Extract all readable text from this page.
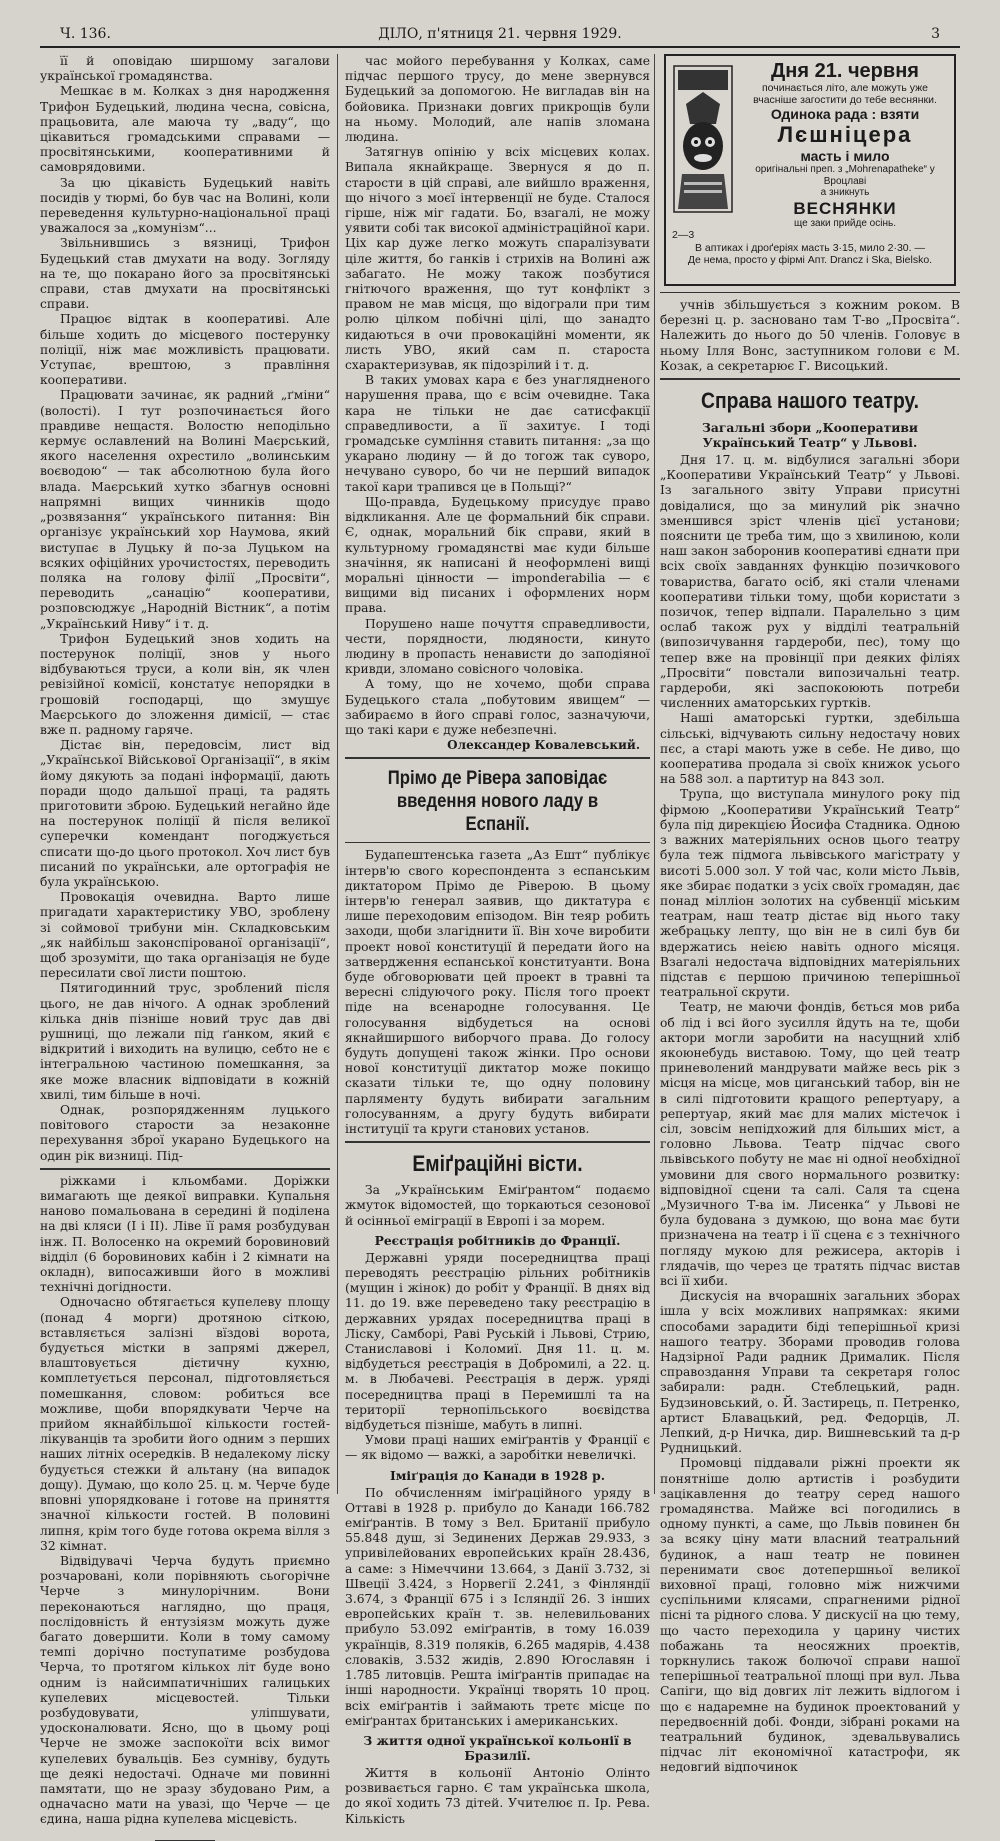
Ч. 136.	ДІЛО, п'ятниця 21. червня 1929.	3

її й оповідаю ширшому загалови української громадянства.

Мешкає в м. Колках з дня народження Трифон Будецький, людина чесна, совісна, працьовита, але маюча ту „ваду“, що цікавиться громадськими справами — просвітянськими, кооперативними й самоврядовими.

За цю цікавість Будецький навіть посидів у тюрмі, бо був час на Волині, коли переведення культурно-національної праці уважалося за „комунізм“...

Звільнившись з вязниці, Трифон Будецький став дмухати на воду. Зогляду на те, що покарано його за просвітянські справи, став дмухати на просвітянські справи.

Працює відтак в кооперативі. Але більше ходить до місцевого постерунку поліції, ніж має можливість працювати. Уступає, врештою, з правління кооперативи.

Працювати зачинає, як радний „ґміни“ (волості). І тут розпочинається його правдиве нещастя. Волостю неподільно кермує ославлений на Волині Маєрський, якого населення охрестило „волинським воєводою“ — так абсолютною була його влада. Маєрський хутко збагнув основні напрямні вищих чинників щодо „розвязання“ українського питання: Він організує український хор Наумова, який виступає в Луцьку й по-за Луцьком на всяких офіційних урочистостях, переводить поляка на голову філії „Просвіти“, переводить „санацію“ кооперативи, розповсюджує „Народній Вістник“, а потім „Український Ниву“ і т. д.

Трифон Будецький знов ходить на постерунок поліції, знов у нього відбуваються труси, а коли він, як член ревізійної комісії, констатує непорядки в грошовій господарці, що змушує Маєрського до зложення димісії, — стає вже п. радному гаряче.

Дістає він, передовсім, лист від „Української Військової Організації“, в якім йому дякують за подані інформації, дають поради щодо дальшої праці, та радять приготовити зброю. Будецький негайно йде на постерунок поліції й після великої суперечки комендант погоджується списати що-до цього протокол. Хоч лист був писаний по українськи, але ортографія не була українською.

Провокація очевидна. Варто лише пригадати характеристику УВО, зроблену зі соймової трибуни мін. Складковським „як найбільш законспірованої організації“, щоб зрозуміти, що така організація не буде пересилати свої листи поштою.

Пятигодинний трус, зроблений після цього, не дав нічого. А однак зроблений кілька днів пізніше новий трус дав дві рушниці, що лежали під ґанком, який є відкритий і виходить на вулицю, себто не є інтегральною частиною помешкання, за яке може власник відповідати в кожній хвилі, тим більше в ночі.

Однак, розпорядженням луцького повітового старости за незаконне перехування зброї укарано Будецького на один рік визниці. Під-

ріжками і кльомбами. Доріжки вимагають ще деякої виправки. Купальня наново помальована в середині й поділена на дві кляси (I і II). Ліве її рамя розбудуван інж. П. Волосенко на окремий боровиновий відділ (6 боровинових кабін і 2 кімнати на окладн), випосаживши його в можливі технічні догідности.

Одночасно обтягається купелеву площу (понад 4 морги) дротяною сіткою, вставляється залізні вїздові ворота, будується містки в запрямі джерел, влаштовується дієтичну кухню, комплетується персонал, підготовляється помешкання, словом: робиться все можливе, щоби впорядкувати Черче на прийом якнайбільшої кількости гостей-лікуванців та зробити його одним з перших наших літніх осередків. В недалекому ліску будується стежки й альтану (на випадок дощу). Думаю, що коло 25. ц. м. Черче буде вповні упорядковане і готове на приняття значної кількости гостей. В половині липня, крім того буде готова окрема вілля з 32 кімнат.

Відвідувачі Черча будуть приємно розчаровані, коли порівняють сьогорічне Черче з минулорічним. Вони переконаються наглядно, що праця, послідовність й ентузіязм можуть дуже багато довершити. Коли в тому самому темпі дорічно поступатиме розбудова Черча, то протягом кількох літ буде воно одним із найсимпатичніших галицьких купелевих місцевостей. Тільки розбудовувати, уліпшувати, удосконалювати. Ясно, що в цьому році Черче не зможе заспокоїти всіх вимог купелевих бувальців. Без сумніву, будуть ще деякі недостачі. Одначе ми повинні памятати, що не зразу збудовано Рим, а одначасно мати на увазі, що Черче — це єдина, наша рідна купелева місцевість.

час мойого перебування у Колках, саме підчас першого трусу, до мене звернувся Будецький за допомогою. Не вигладав він на бойовика. Признаки довгих прикрощів були на ньому. Молодий, але напів зломана людина.

Затягнув опінію у всіх місцевих колах. Випала якнайкраще. Звернуся я до п. старости в цій справі, але вийшло враження, що нічого з моєї інтервенції не буде. Сталося гірше, ніж міг гадати. Бо, взагалі, не можу уявити собі так високої адміністраційної кари. Ціх кар дуже легко можуть спаралізувати ціле життя, бо ганків і стрихів на Волині аж забагато. Не можу також позбутися гнітючого враження, що тут конфлікт з правом не мав місця, що відограли при тим ролю цілком побічні цілі, що занадто кидаються в очи провокаційні моменти, як листь УВО, який сам п. староста схарактеризував, як підозрілий і т. д.

В таких умовах кара є без унаглядненого нарушення права, що є всім очевидне. Така кара не тільки не дає сатисфакції справедливости, а її захитує. І тоді громадське сумління ставить питання: „за що укарано людину — й до тогож так суворо, нечувано суворо, бо чи не перший випадок такої кари трапився це в Польщі?“

Що-правда, Будецькому присудує право відкликання. Але це формальний бік справи. Є, однак, моральний бік справи, який в культурному громадянстві має куди більше значіння, як написані й неоформлені вищі моральні цінности — imponderabilia — є вищими від писаних і оформлених норм права.

Порушено наше почуття справедливости, чести, порядности, людяности, кинуто людину в пропасть ненависти до заподіяної кривди, зломано совісного чоловіка.

А тому, що не хочемо, щоби справа Будецького стала „побутовим явищем“ — забираємо в його справі голос, зазначуючи, що такі кари є дуже небезпечні.

Олександер Ковалевський.
Прімо де Рівера заповідає введення нового ладу в Еспанії.

Будапештенська газета „Аз Ешт“ публікує інтерв'ю свого кореспондента з еспанським диктатором Прімо де Ріверою. В цьому інтерв'ю генерал заявив, що диктатура є лише переходовим епізодом. Він теяр робить заходи, щоби злагіднити її. Він хоче виробити проект нової конституції й передати його на затвердження еспанської конституанти. Вона буде обговорювати цей проект в травні та вересні слідуючого року. Після того проект піде на всенародне голосування. Це голосування відбудеться на основі якнайширшого виборчого права. До голосу будуть допущені також жінки. Про основи нової конституції диктатор може покищо сказати тільки те, що одну половину парляменту будуть вибирати загальним голосуванням, а другу будуть вибирати інституції та круги станових установ.

Еміґраційні вісти.

За „Українським Еміґрантом“ подаємо жмуток відомостей, що торкаються сезонової й осінньої еміграції в Европі і за морем.

Реєстрація робітників до Франції.

Державні уряди посередництва праці переводять реєстрацію рільних робітників (мущин і жінок) до робіт у Франції. В днях від 11. до 19. вже переведено таку реєстрацію в державних урядах посередництва праці в Ліску, Самборі, Раві Руській і Львові, Стрию, Станиславові і Коломиї. Дня 11. ц. м. відбудеться реєстрація в Добромилі, а 22. ц. м. в Любачеві. Реєстрація в держ. уряді посередництва праці в Перемишлі та на території тернопільського воєвідства відбудеться пізніше, мабуть в липні.

Умови праці наших еміґрантів у Франції є — як відомо — важкі, а заробітки невеличкі.

Іміґрація до Канади в 1928 р.

По обчисленням іміґраційного уряду в Оттаві в 1928 р. прибуло до Канади 166.782 еміґрантів. В тому з Вел. Британії прибуло 55.848 душ, зі Зединених Держав 29.933, з упривілейованих европейських країн 28.436, а саме: з Німеччини 13.664, з Данії 3.732, зі Швеції 3.424, з Норвегії 2.241, з Фінляндії 3.674, з Франції 675 і з Ісляндії 26. З інших европейських країн т. зв. нелевильованих прибуло 53.092 еміґрантів, в тому 16.039 українців, 8.319 поляків, 6.265 мадярів, 4.438 словаків, 3.532 жидів, 2.890 Югославян і 1.785 литовців. Решта іміґрантів припадає на інші народности. Українці творять 10 проц. всіх еміґрантів і займають третє місце по еміґрантах британських і американських.

З життя одної української кольонії в Бразилії.

Життя в кольонії Антоніо Олінто розвивається гарно. Є там українська школа, до якої ходить 73 дітей. Учителює п. Ір. Рева. Кількість

Дня 21. червня
починається літо, але можуть уже вчасніше загостити до тебе веснянки.
Одинока рада : взяти
Лєшніцера
масть і мило
оригінальні преп. з „Mohrenapatheke“ у Вроцлаві
a зникнуть
ВЕСНЯНКИ
ще заки прийде осінь.
2—3
В аптиках і дроґеріях масть 3·15, мило 2·30. —
Де нема, просто у фірмі Апт. Drancz і Ska, Bielsko.

учнів збільшується з кожним роком. В березні ц. р. засновано там Т-во „Просвіта“. Належить до нього до 50 членів. Головує в ньому Ілля Вонс, заступником голови є М. Козак, а секретарює Г. Висоцький.

Справа нашого театру.
Загальні збори „Кооперативи Український Театр“ у Львові.

Дня 17. ц. м. відбулися загальні збори „Кооперативи Український Театр“ у Львові. Із загального звіту Управи присутні довідалися, що за минулий рік значно зменшився зріст членів цієї установи; пояснити це треба тим, що з хвилиною, коли наш закон заборонив кооперативі єднати при всіх своїх завданнях функцію позичкового товариства, багато осіб, які стали членами кооперативи тільки тому, щоби користати з позичок, тепер відпали. Паралельно з цим ослаб також рух у відділі театральній (випозичування гардероби, пес), тому що тепер вже на провінції при деяких філіях „Просвіти“ повстали випозичальні театр. гардероби, які заспокоюють потреби численних аматорських гуртків.

Наші аматорські гуртки, здебільша сільські, відчувають сильну недостачу нових пєс, а старі мають уже в себе. Не диво, що кооператива продала зі своїх книжок усього на 588 зол. а партитур на 843 зол.

Трупа, що виступала минулого року під фірмою „Кооперативи Український Театр“ була під дирекцією Йосифа Стадника. Одною з важних матеріяльних основ цього театру була теж підмога львівського магістрату у висоті 5.000 зол. У той час, коли місто Львів, яке збирає податки з усіх своїх громадян, дає понад мілліон золотих на субвенції міським театрам, наш театр дістає від нього таку жебрацьку лепту, що він не в силі був би вдержатись неією навіть одного місяця. Взагалі недостача відповідних матеріяльних підстав є першою причиною теперішньої театральної скрути.

Театр, не маючи фондів, бється мов риба об лід і всі його зусилля йдуть на те, щоби актори могли заробити на насущний хліб якоюнебудь виставою. Тому, що цей театр приневолений мандрувати майже весь рік з місця на місце, мов циганський табор, він не в силі підготовити кращого репертуару, а репертуар, який має для малих містечок і сіл, зовсім непідхожий для більших міст, а головно Львова. Театр підчас свого львівського побуту не має ні одної необхідної умовини для свого нормального розвитку: відповідної сцени та салі. Саля та сцена „Музичного Т-ва ім. Лисенка“ у Львові не була будована з думкою, що вона має бути призначена на театр і її сцена є з технічного погляду мукою для режисера, акторів і глядачів, що через це тратять підчас вистав всі її хиби.

Дискусія на вчорашніх загальних зборах ішла у всіх можливих напрямках: якими способами зарадити біді теперішньої кризі нашого театру. Зборами проводив голова Надзірної Ради радник Дрималик. Після справоздання Управи та секретаря голос забирали: радн. Стеблецький, радн. Будзиновський, о. Й. Застирець, п. Петренко, артист Блавацький, ред. Федорців, Л. Лепкий, д-р Ничка, дир. Вишневський та д-р Рудницький.

Промовці піддавали ріжні проекти як понятніше долю артистів і розбудити зацікавлення до театру серед нашого громадянства. Майже всі погодились в одному пункті, а саме, що Львів повинен бн за всяку ціну мати власний театральний будинок, а наш театр не повинен перенимати своє дотепершньої великої виховної праці, головно між нижчими суспільними клясами, спрагненими рідної пісні та рідного слова. У дискусії на цю тему, що часто переходила у царину чистих побажань та неосяжних проектів, торкнулись також болючої справи нашої теперішньої театральної площі при вул. Льва Сапіги, що від довгих літ лежить відлогом і що є надаремне на будинок проектований у передвоєнній добі. Фонди, зібрані роками на театральний будинок, здевальвувались підчас літ економічної катастрофи, як недовгий відпочинок
